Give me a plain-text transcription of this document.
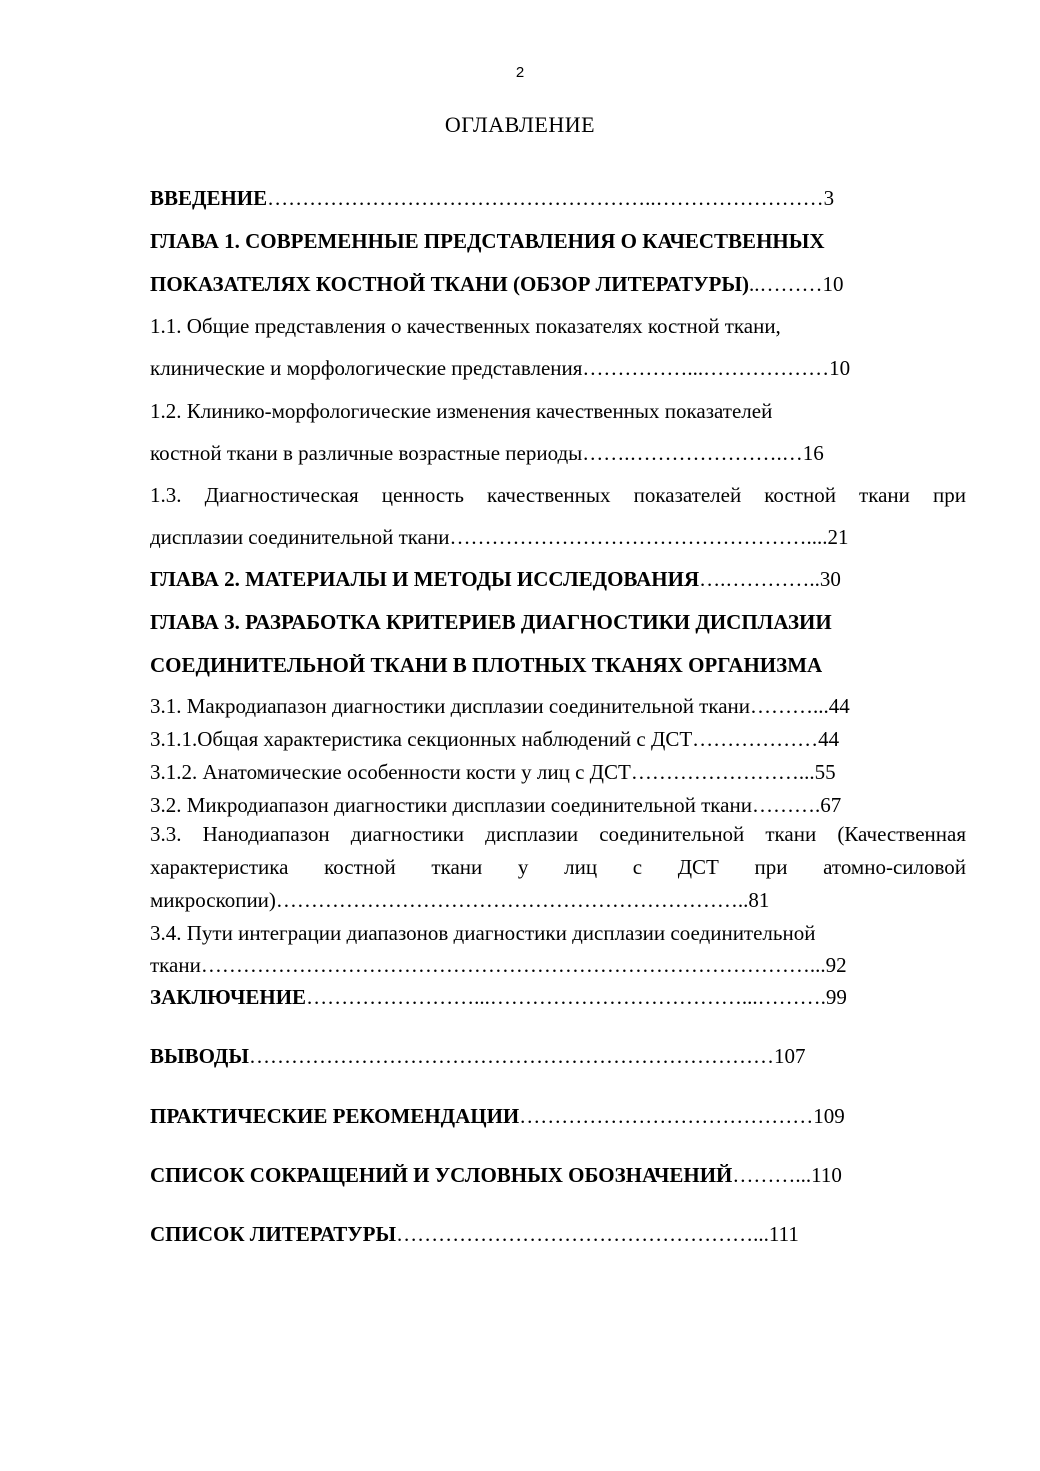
2
ОГЛАВЛЕНИЕ
ВВЕДЕНИЕ………………………………………………..……………………3
ГЛАВА 1. СОВРЕМЕННЫЕ ПРЕДСТАВЛЕНИЯ О КАЧЕСТВЕННЫХ
ПОКАЗАТЕЛЯХ КОСТНОЙ ТКАНИ (ОБЗОР ЛИТЕРАТУРЫ)..………10
1.1. Общие представления о качественных показателях костной ткани,
клинические и морфологические представления……………...………………10
1.2. Клинико-морфологические изменения качественных показателей
костной ткани в различные возрастные периоды…….………………….…16
1.3. Диагностическая ценность качественных показателей костной ткани при
дисплазии соединительной ткани……………………………………………....21
ГЛАВА 2. МАТЕРИАЛЫ И МЕТОДЫ ИССЛЕДОВАНИЯ….…………..30
ГЛАВА 3. РАЗРАБОТКА КРИТЕРИЕВ ДИАГНОСТИКИ ДИСПЛАЗИИ
СОЕДИНИТЕЛЬНОЙ ТКАНИ В ПЛОТНЫХ ТКАНЯХ ОРГАНИЗМА
3.1. Макродиапазон диагностики дисплазии соединительной ткани………...44
3.1.1.Общая характеристика секционных наблюдений с ДСТ………………44
3.1.2. Анатомические особенности кости у лиц с ДСТ……………………...55
3.2. Микродиапазон диагностики дисплазии соединительной ткани……….67
3.3. Нанодиапазон диагностики дисплазии соединительной ткани (Качественная характеристика костной ткани у лиц с ДСТ при атомно-силовой микроскопии)…………………………………………………………..81
3.4. Пути интеграции диапазонов диагностики дисплазии соединительной
ткани……………………………………………………………………………...92
ЗАКЛЮЧЕНИЕ……………………...………………………………...……….99
ВЫВОДЫ…………………………………………………………………107
ПРАКТИЧЕСКИЕ РЕКОМЕНДАЦИИ……………………………………109
СПИСОК СОКРАЩЕНИЙ И УСЛОВНЫХ ОБОЗНАЧЕНИЙ………...110
СПИСОК ЛИТЕРАТУРЫ……………………………………………...111
